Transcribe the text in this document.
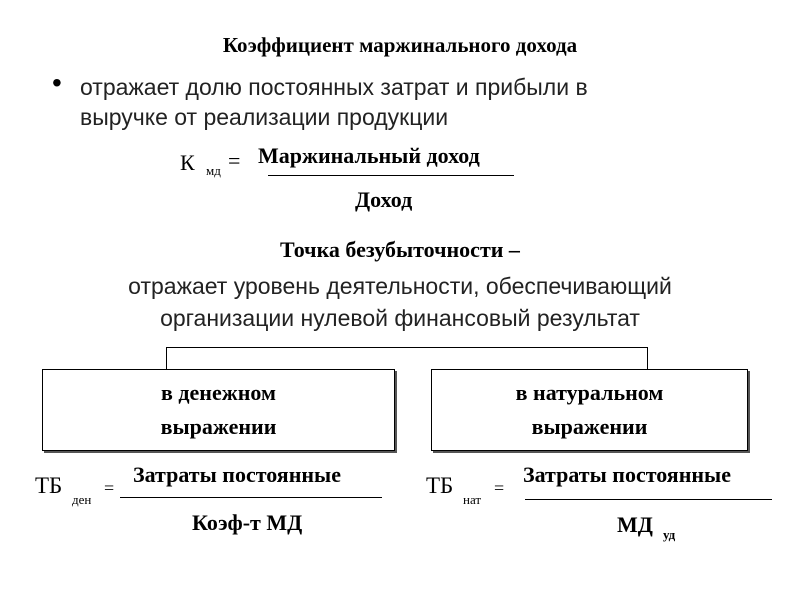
Коэффициент маржинального дохода
• отражает долю постоянных затрат и прибыли в
выручке от реализации продукции
К мд = Маржинальный доход
Доход
Точка безубыточности –
отражает уровень деятельности, обеспечивающий
организации нулевой финансовый результат
в денежном
выражении
в натуральном
выражении
ТБ
ден
=
Затраты постоянные
Коэф-т МД
ТБ
нат
=
Затраты постоянные
МД уд
